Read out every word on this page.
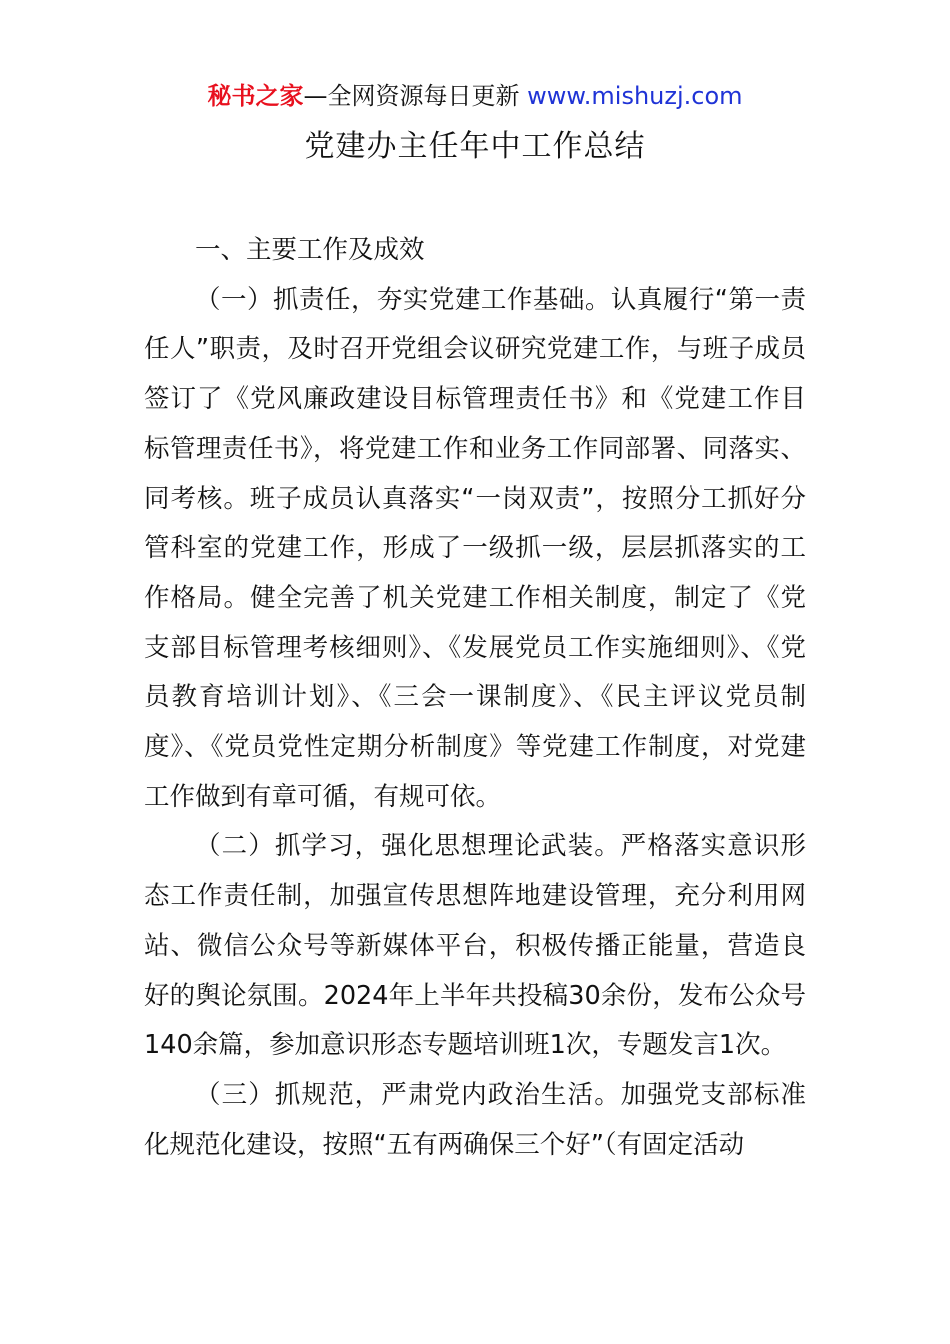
秘书之家—全网资源每日更新 www.mishuzj.com
党建办主任年中工作总结

一、主要工作及成效

（一）抓责任，夯实党建工作基础。认真履行“第一责任人”职责，及时召开党组会议研究党建工作，与班子成员签订了《党风廉政建设目标管理责任书》和《党建工作目标管理责任书》，将党建工作和业务工作同部署、同落实、同考核。班子成员认真落实“一岗双责”，按照分工抓好分管科室的党建工作，形成了一级抓一级，层层抓落实的工作格局。健全完善了机关党建工作相关制度，制定了《党支部目标管理考核细则》、《发展党员工作实施细则》、《党员教育培训计划》、《三会一课制度》、《民主评议党员制度》、《党员党性定期分析制度》等党建工作制度，对党建工作做到有章可循，有规可依。

（二）抓学习，强化思想理论武装。严格落实意识形态工作责任制，加强宣传思想阵地建设管理，充分利用网站、微信公众号等新媒体平台，积极传播正能量，营造良好的舆论氛围。2024年上半年共投稿30余份，发布公众号140余篇，参加意识形态专题培训班1次，专题发言1次。

（三）抓规范，严肃党内政治生活。加强党支部标准化规范化建设，按照“五有两确保三个好”（有固定活动
